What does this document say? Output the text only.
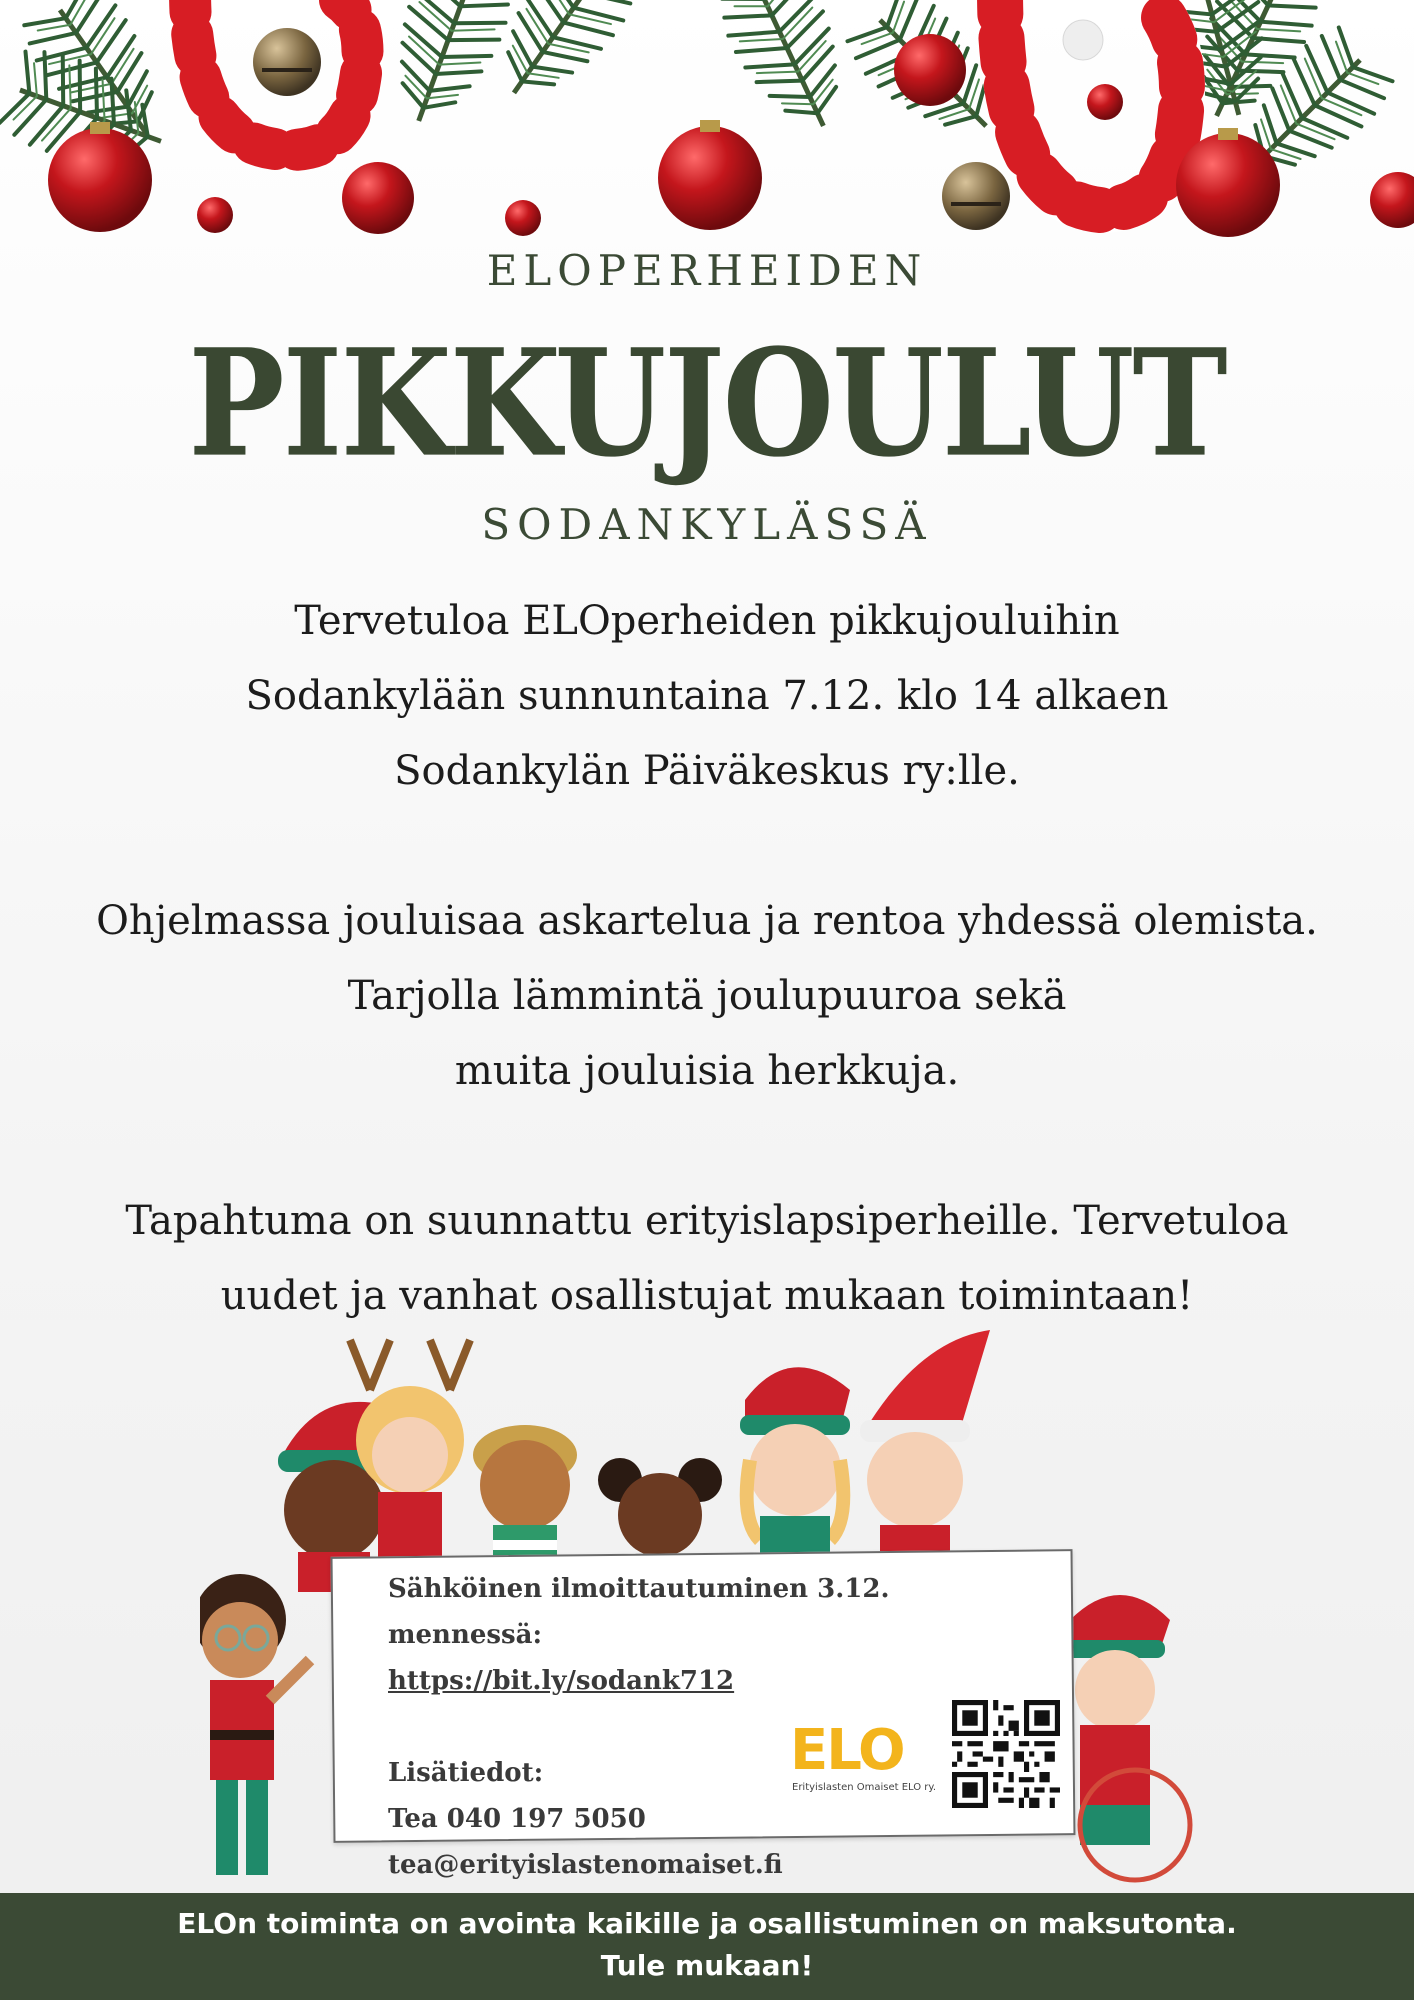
ELOPERHEIDEN
PIKKUJOULUT
SODANKYLÄSSÄ
Tervetuloa ELOperheiden pikkujouluihin
Sodankylään sunnuntaina 7.12. klo 14 alkaen
Sodankylän Päiväkeskus ry:lle.
Ohjelmassa jouluisaa askartelua ja rentoa yhdessä olemista.
Tarjolla lämmintä joulupuuroa sekä
muita jouluisia herkkuja.
Tapahtuma on suunnattu erityislapsiperheille. Tervetuloa
uudet ja vanhat osallistujat mukaan toimintaan!
Sähköinen ilmoittautuminen 3.12. mennessä:
https://bit.ly/sodank712
Lisätiedot:
Tea 040 197 5050
tea@erityislastenomaiset.fi
ELO
Erityislasten Omaiset ELO ry.
ELOn toiminta on avointa kaikille ja osallistuminen on maksutonta.
Tule mukaan!
